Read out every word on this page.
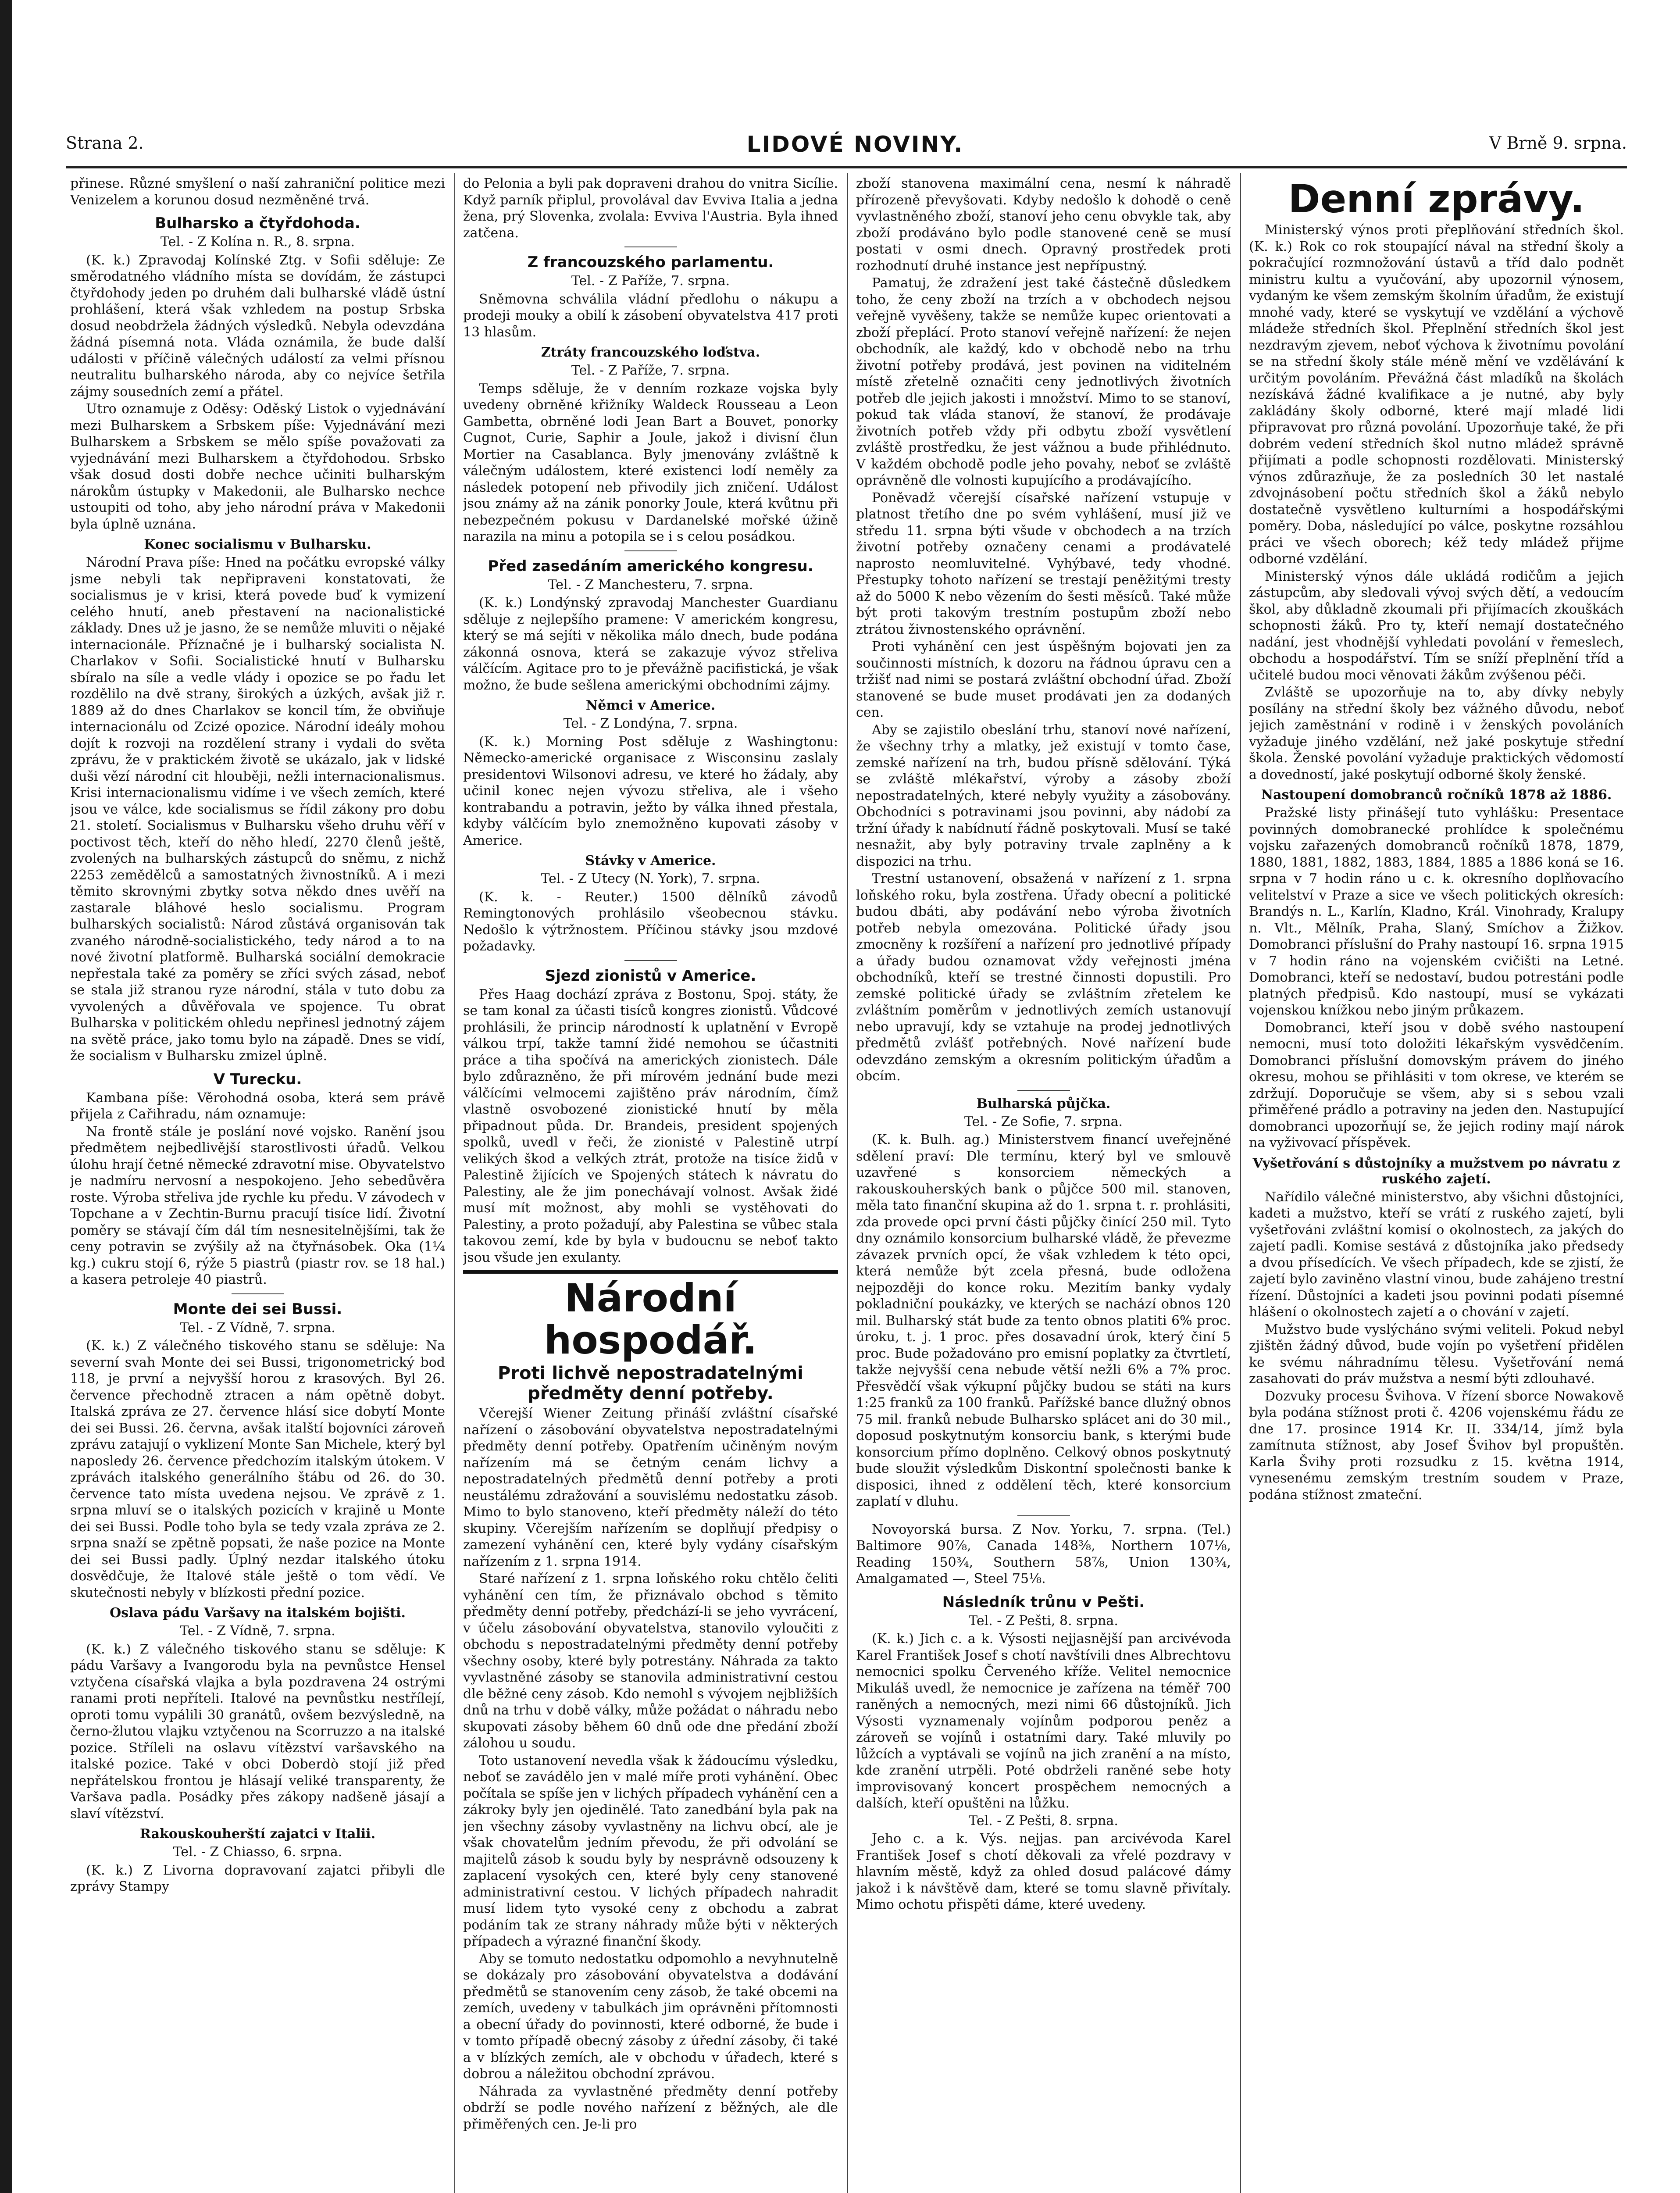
Strana 2.	LIDOVÉ NOVINY.	V Brně 9. srpna.

přinese. Různé smyšlení o naší zahraniční politice mezi Venizelem a korunou dosud nezměněné trvá.

Bulharsko a čtyřdohoda.

Tel. - Z Kolína n. R., 8. srpna.

(K. k.) Zpravodaj Kolínské Ztg. v Sofii sděluje: Ze směrodatného vládního místa se dovídám, že zástupci čtyřdohody jeden po druhém dali bulharské vládě ústní prohlášení, která však vzhledem na postup Srbska dosud neobdržela žádných výsledků. Nebyla odevzdána žádná písemná nota. Vláda oznámila, že bude další události v příčině válečných událostí za velmi přísnou neutralitu bulharského národa, aby co nejvíce šetřila zájmy sousedních zemí a přátel.

Utro oznamuje z Oděsy: Oděský Listok o vyjednávání mezi Bulharskem a Srbskem píše: Vyjednávání mezi Bulharskem a Srbskem se mělo spíše považovati za vyjednávání mezi Bulharskem a čtyřdohodou. Srbsko však dosud dosti dobře nechce učiniti bulharským nárokům ústupky v Makedonii, ale Bulharsko nechce ustoupiti od toho, aby jeho národní práva v Makedonii byla úplně uznána.

Konec socialismu v Bulharsku.

Národní Prava píše: Hned na počátku evropské války jsme nebyli tak nepřipraveni konstatovati, že socialismus je v krisi, která povede buď k vymizení celého hnutí, aneb přestavení na nacionalistické základy. Dnes už je jasno, že se nemůže mluviti o nějaké internacionále. Příznačné je i bulharský socialista N. Charlakov v Sofii. Socialistické hnutí v Bulharsku sbíralo na síle a vedle vlády i opozice se po řadu let rozdělilo na dvě strany, širokých a úzkých, avšak již r. 1889 až do dnes Charlakov se koncil tím, že obviňuje internacionálu od Zcizé opozice. Národní ideály mohou dojít k rozvoji na rozdělení strany i vydali do světa zprávu, že v praktickém životě se ukázalo, jak v lidské duši vězí národní cit hlouběji, nežli internacionalismus. Krisi internacionalismu vidíme i ve všech zemích, které jsou ve válce, kde socialismus se řídil zákony pro dobu 21. století. Socialismus v Bulharsku všeho druhu věří v poctivost těch, kteří do něho hledí, 2270 členů ještě, zvolených na bulharských zástupců do sněmu, z nichž 2253 zemědělců a samostatných živnostníků. A i mezi těmito skrovnými zbytky sotva někdo dnes uvěří na zastarale bláhové heslo socialismu. Program bulharských socialistů: Národ zůstává organisován tak zvaného národně-socialistického, tedy národ a to na nové životní platformě. Bulharská sociální demokracie nepřestala také za poměry se zříci svých zásad, neboť se stala již stranou ryze národní, stála v tuto dobu za vyvolených a důvěřovala ve spojence. Tu obrat Bulharska v politickém ohledu nepřinesl jednotný zájem na světě práce, jako tomu bylo na západě. Dnes se vidí, že socialism v Bulharsku zmizel úplně.

V Turecku.

Kambana píše: Věrohodná osoba, která sem právě přijela z Cařihradu, nám oznamuje:

Na frontě stále je poslání nové vojsko. Ranění jsou předmětem nejbedlivější starostlivosti úřadů. Velkou úlohu hrají četné německé zdravotní mise. Obyvatelstvo je nadmíru nervosní a nespokojeno. Jeho sebedůvěra roste. Výroba střeliva jde rychle ku předu. V závodech v Topchane a v Zechtin-Burnu pracují tisíce lidí. Životní poměry se stávají čím dál tím nesnesitelnějšími, tak že ceny potravin se zvýšily až na čtyřnásobek. Oka (1¼ kg.) cukru stojí 6, rýže 5 piastrů (piastr rov. se 18 hal.) a kasera petroleje 40 piastrů.

Monte dei sei Bussi.

Tel. - Z Vídně, 7. srpna.

(K. k.) Z válečného tiskového stanu se sděluje: Na severní svah Monte dei sei Bussi, trigonometrický bod 118, je první a nejvyšší horou z krasových. Byl 26. července přechodně ztracen a nám opětně dobyt. Italská zpráva ze 27. července hlásí sice dobytí Monte dei sei Bussi. 26. června, avšak italští bojovníci zároveň zprávu zatajují o vyklizení Monte San Michele, který byl naposledy 26. července předchozím italským útokem. V zprávách italského generálního štábu od 26. do 30. července tato místa uvedena nejsou. Ve zprávě z 1. srpna mluví se o italských pozicích v krajině u Monte dei sei Bussi. Podle toho byla se tedy vzala zpráva ze 2. srpna snaží se zpětně popsati, že naše pozice na Monte dei sei Bussi padly. Úplný nezdar italského útoku dosvědčuje, že Italové stále ještě o tom vědí. Ve skutečnosti nebyly v blízkosti přední pozice.

Oslava pádu Varšavy na italském bojišti.

Tel. - Z Vídně, 7. srpna.

(K. k.) Z válečného tiskového stanu se sděluje: K pádu Varšavy a Ivangorodu byla na pevnůstce Hensel vztyčena císařská vlajka a byla pozdravena 24 ostrými ranami proti nepříteli. Italové na pevnůstku nestřílejí, oproti tomu vypálili 30 granátů, ovšem bezvýsledně, na černo-žlutou vlajku vztyčenou na Scorruzzo a na italské pozice. Stříleli na oslavu vítězství varšavského na italské pozice. Také v obci Doberdò stojí již před nepřátelskou frontou je hlásají veliké transparenty, že Varšava padla. Posádky přes zákopy nadšeně jásají a slaví vítězství.

Rakouskouherští zajatci v Italii.

Tel. - Z Chiasso, 6. srpna.

(K. k.) Z Livorna dopravovaní zajatci přibyli dle zprávy Stampy

do Pelonia a byli pak dopraveni drahou do vnitra Sicílie. Když parník připlul, provolával dav Evviva Italia a jedna žena, prý Slovenka, zvolala: Evviva l'Austria. Byla ihned zatčena.

Z francouzského parlamentu.

Tel. - Z Paříže, 7. srpna.

Sněmovna schválila vládní předlohu o nákupu a prodeji mouky a obilí k zásobení obyvatelstva 417 proti 13 hlasům.

Ztráty francouzského loďstva.

Tel. - Z Paříže, 7. srpna.

Temps sděluje, že v denním rozkaze vojska byly uvedeny obrněné křižníky Waldeck Rousseau a Leon Gambetta, obrněné lodi Jean Bart a Bouvet, ponorky Cugnot, Curie, Saphir a Joule, jakož i divisní člun Mortier na Casablanca. Byly jmenovány zvláštně k válečným událostem, které existenci lodí neměly za následek potopení neb přivodily jich zničení. Událost jsou známy až na zánik ponorky Joule, která kvůtnu při nebezpečném pokusu v Dardanelské mořské úžině narazila na minu a potopila se i s celou posádkou.

Před zasedáním amerického kongresu.

Tel. - Z Manchesteru, 7. srpna.

(K. k.) Londýnský zpravodaj Manchester Guardianu sděluje z nejlepšího pramene: V americkém kongresu, který se má sejíti v několika málo dnech, bude podána zákonná osnova, která se zakazuje vývoz střeliva válčícím. Agitace pro to je převážně pacifistická, je však možno, že bude sešlena americkými obchodními zájmy.

Němci v Americe.

Tel. - Z Londýna, 7. srpna.

(K. k.) Morning Post sděluje z Washingtonu: Německo-americké organisace z Wisconsinu zaslaly presidentovi Wilsonovi adresu, ve které ho žádaly, aby učinil konec nejen vývozu střeliva, ale i všeho kontrabandu a potravin, ježto by válka ihned přestala, kdyby válčícím bylo znemožněno kupovati zásoby v Americe.

Stávky v Americe.

Tel. - Z Utecy (N. York), 7. srpna.

(K. k. - Reuter.) 1500 dělníků závodů Remingtonových prohlásilo všeobecnou stávku. Nedošlo k výtržnostem. Příčinou stávky jsou mzdové požadavky.

Sjezd zionistů v Americe.

Přes Haag dochází zpráva z Bostonu, Spoj. státy, že se tam konal za účasti tisíců kongres zionistů. Vůdcové prohlásili, že princip národností k uplatnění v Evropě válkou trpí, takže tamní židé nemohou se účastniti práce a tiha spočívá na amerických zionistech. Dále bylo zdůrazněno, že při mírovém jednání bude mezi válčícími velmocemi zajištěno práv národním, čímž vlastně osvobozené zionistické hnutí by měla připadnout půda. Dr. Brandeis, president spojených spolků, uvedl v řeči, že zionisté v Palestině utrpí velikých škod a velkých ztrát, protože na tisíce židů v Palestině žijících ve Spojených státech k návratu do Palestiny, ale že jim ponechávají volnost. Avšak židé musí mít možnost, aby mohli se vystěhovati do Palestiny, a proto požadují, aby Palestina se vůbec stala takovou zemí, kde by byla v budoucnu se neboť takto jsou všude jen exulanty.

Národní hospodář.
Proti lichvě nepostradatelnými předměty denní potřeby.

Včerejší Wiener Zeitung přináší zvláštní císařské nařízení o zásobování obyvatelstva nepostradatelnými předměty denní potřeby. Opatřením učiněným novým nařízením má se četným cenám lichvy a nepostradatelných předmětů denní potřeby a proti neustálému zdražování a souvislému nedostatku zásob. Mimo to bylo stanoveno, kteří předměty náleží do této skupiny. Včerejším nařízením se doplňují předpisy o zamezení vyhánění cen, které byly vydány císařským nařízením z 1. srpna 1914.

Staré nařízení z 1. srpna loňského roku chtělo čeliti vyhánění cen tím, že přiznávalo obchod s těmito předměty denní potřeby, předchází-li se jeho vyvrácení, v účelu zásobování obyvatelstva, stanovilo vyloučiti z obchodu s nepostradatelnými předměty denní potřeby všechny osoby, které byly potrestány. Náhrada za takto vyvlastněné zásoby se stanovila administrativní cestou dle běžné ceny zásob. Kdo nemohl s vývojem nejbližších dnů na trhu v době války, může požádat o náhradu nebo skupovati zásoby během 60 dnů ode dne předání zboží zálohou u soudu.

Toto ustanovení nevedla však k žádoucímu výsledku, neboť se zavádělo jen v malé míře proti vyhánění. Obec počítala se spíše jen v lichých případech vyhánění cen a zákroky byly jen ojedinělé. Tato zanedbání byla pak na jen všechny zásoby vyvlastněny na lichvu obcí, ale je však chovatelům jedním převodu, že při odvolání se majitelů zásob k soudu byly by nesprávně odsouzeny k zaplacení vysokých cen, které byly ceny stanovené administrativní cestou. V lichých případech nahradit musí lidem tyto vysoké ceny z obchodu a zabrat podáním tak ze strany náhrady může býti v některých případech a výrazné finanční škody.

Aby se tomuto nedostatku odpomohlo a nevyhnutelně se dokázaly pro zásobování obyvatelstva a dodávání předmětů se stanovením ceny zásob, že také obcemi na zemích, uvedeny v tabulkách jim oprávněni přítomnosti a obecní úřady do povinnosti, které odborné, že bude i v tomto případě obecný zásoby z úřední zásoby, či také a v blízkých zemích, ale v obchodu v úřadech, které s dobrou a náležitou obchodní zprávou.

Náhrada za vyvlastněné předměty denní potřeby obdrží se podle nového nařízení z běžných, ale dle přiměřených cen. Je-li pro

zboží stanovena maximální cena, nesmí k náhradě přírozeně převyšovati. Kdyby nedošlo k dohodě o ceně vyvlastněného zboží, stanoví jeho cenu obvykle tak, aby zboží prodáváno bylo podle stanovené ceně se musí postati v osmi dnech. Opravný prostředek proti rozhodnutí druhé instance jest nepřípustný.

Pamatuj, že zdražení jest také částečně důsledkem toho, že ceny zboží na trzích a v obchodech nejsou veřejně vyvěšeny, takže se nemůže kupec orientovati a zboží přeplácí. Proto stanoví veřejně nařízení: že nejen obchodník, ale každý, kdo v obchodě nebo na trhu životní potřeby prodává, jest povinen na viditelném místě zřetelně označiti ceny jednotlivých životních potřeb dle jejich jakosti i množství. Mimo to se stanoví, pokud tak vláda stanoví, že stanoví, že prodávaje životních potřeb vždy při odbytu zboží vysvětlení zvláště prostředku, že jest vážnou a bude přihlédnuto. V každém obchodě podle jeho povahy, neboť se zvláště oprávněně dle volnosti kupujícího a prodávajícího.

Poněvadž včerejší císařské nařízení vstupuje v platnost třetího dne po svém vyhlášení, musí již ve středu 11. srpna býti všude v obchodech a na trzích životní potřeby označeny cenami a prodávatelé naprosto neomluvitelné. Vyhýbavé, tedy vhodné. Přestupky tohoto nařízení se trestají peněžitými tresty až do 5000 K nebo vězením do šesti měsíců. Také může být proti takovým trestním postupům zboží nebo ztrátou živnostenského oprávnění.

Proti vyhánění cen jest úspěšným bojovati jen za součinnosti místních, k dozoru na řádnou úpravu cen a tržišť nad nimi se postará zvláštní obchodní úřad. Zboží stanovené se bude muset prodávati jen za dodaných cen.

Aby se zajistilo obeslání trhu, stanoví nové nařízení, že všechny trhy a mlatky, jež existují v tomto čase, zemské nařízení na trh, budou přísně sdělování. Týká se zvláště mlékařství, výroby a zásoby zboží nepostradatelných, které nebyly využity a zásobovány. Obchodníci s potravinami jsou povinni, aby nádobí za tržní úřady k nabídnutí řádně poskytovali. Musí se také nesnažit, aby byly potraviny trvale zaplněny a k dispozici na trhu.

Trestní ustanovení, obsažená v nařízení z 1. srpna loňského roku, byla zostřena. Úřady obecní a politické budou dbáti, aby podávání nebo výroba životních potřeb nebyla omezována. Politické úřady jsou zmocněny k rozšíření a nařízení pro jednotlivé případy a úřady budou oznamovat vždy veřejnosti jména obchodníků, kteří se trestné činnosti dopustili. Pro zemské politické úřady se zvláštním zřetelem ke zvláštním poměrům v jednotlivých zemích ustanovují nebo upravují, kdy se vztahuje na prodej jednotlivých předmětů zvlášť potřebných. Nové nařízení bude odevzdáno zemským a okresním politickým úřadům a obcím.

Bulharská půjčka.

Tel. - Ze Sofie, 7. srpna.

(K. k. Bulh. ag.) Ministerstvem financí uveřejněné sdělení praví: Dle termínu, který byl ve smlouvě uzavřené s konsorciem německých a rakouskouherských bank o půjčce 500 mil. stanoven, měla tato finanční skupina až do 1. srpna t. r. prohlásiti, zda provede opci první části půjčky činící 250 mil. Tyto dny oznámilo konsorcium bulharské vládě, že převezme závazek prvních opcí, že však vzhledem k této opci, která nemůže být zcela přesná, bude odložena nejpozději do konce roku. Mezitím banky vydaly pokladniční poukázky, ve kterých se nachází obnos 120 mil. Bulharský stát bude za tento obnos platiti 6% proc. úroku, t. j. 1 proc. přes dosavadní úrok, který činí 5 proc. Bude požadováno pro emisní poplatky za čtvrtletí, takže nejvyšší cena nebude větší nežli 6% a 7% proc. Přesvědčí však výkupní půjčky budou se státi na kurs 1:25 franků za 100 franků. Pařížské bance dlužný obnos 75 mil. franků nebude Bulharsko splácet ani do 30 mil., doposud poskytnutým konsorciu bank, s kterými bude konsorcium přímo doplněno. Celkový obnos poskytnutý bude sloužit výsledkům Diskontní společnosti banke k disposici, ihned z oddělení těch, které konsorcium zaplatí v dluhu.

Novoyorská bursa. Z Nov. Yorku, 7. srpna. (Tel.) Baltimore 90⅞, Canada 148⅜, Northern 107⅛, Reading 150¾, Southern 58⅞, Union 130¾, Amalgamated —, Steel 75⅛.

Následník trůnu v Pešti.

Tel. - Z Pešti, 8. srpna.

(K. k.) Jich c. a k. Výsosti nejjasnější pan arcivévoda Karel František Josef s chotí navštívili dnes Albrechtovu nemocnici spolku Červeného kříže. Velitel nemocnice Mikuláš uvedl, že nemocnice je zařízena na téměř 700 raněných a nemocných, mezi nimi 66 důstojníků. Jich Výsosti vyznamenaly vojínům podporou peněz a zároveň se vojínů i ostatními dary. Také mluvily po lůžcích a vyptávali se vojínů na jich zranění a na místo, kde zranění utrpěli. Poté obdrželi raněné sebe hoty improvisovaný koncert prospěchem nemocných a dalších, kteří opuštěni na lůžku.

Tel. - Z Pešti, 8. srpna.

Jeho c. a k. Výs. nejjas. pan arcivévoda Karel František Josef s chotí děkovali za vřelé pozdravy v hlavním městě, když za ohled dosud palácové dámy jakož i k návštěvě dam, které se tomu slavně přivítaly. Mimo ochotu přispěti dáme, které uvedeny.

Denní zprávy.

Ministerský výnos proti přeplňování středních škol. (K. k.) Rok co rok stoupající nával na střední školy a pokračující rozmnožování ústavů a tříd dalo podnět ministru kultu a vyučování, aby upozornil výnosem, vydaným ke všem zemským školním úřadům, že existují mnohé vady, které se vyskytují ve vzdělání a výchově mládeže středních škol. Přeplnění středních škol jest nezdravým zjevem, neboť výchova k životnímu povolání se na střední školy stále méně mění ve vzdělávání k určitým povoláním. Převážná část mladíků na školách nezískává žádné kvalifikace a je nutné, aby byly zakládány školy odborné, které mají mladé lidi připravovat pro různá povolání. Upozorňuje také, že při dobrém vedení středních škol nutno mládež správně přijímati a podle schopnosti rozdělovati. Ministerský výnos zdůrazňuje, že za posledních 30 let nastalé zdvojnásobení počtu středních škol a žáků nebylo dostatečně vysvětleno kulturními a hospodářskými poměry. Doba, následující po válce, poskytne rozsáhlou práci ve všech oborech; kéž tedy mládež přijme odborné vzdělání.

Ministerský výnos dále ukládá rodičům a jejich zástupcům, aby sledovali vývoj svých dětí, a vedoucím škol, aby důkladně zkoumali při přijímacích zkouškách schopnosti žáků. Pro ty, kteří nemají dostatečného nadání, jest vhodnější vyhledati povolání v řemeslech, obchodu a hospodářství. Tím se sníží přeplnění tříd a učitelé budou moci věnovati žákům zvýšenou péči.

Zvláště se upozorňuje na to, aby dívky nebyly posílány na střední školy bez vážného důvodu, neboť jejich zaměstnání v rodině i v ženských povoláních vyžaduje jiného vzdělání, než jaké poskytuje střední škola. Ženské povolání vyžaduje praktických vědomostí a dovedností, jaké poskytují odborné školy ženské.

Nastoupení domobranců ročníků 1878 až 1886.

Pražské listy přinášejí tuto vyhlášku: Presentace povinných domobranecké prohlídce k společnému vojsku zařazených domobranců ročníků 1878, 1879, 1880, 1881, 1882, 1883, 1884, 1885 a 1886 koná se 16. srpna v 7 hodin ráno u c. k. okresního doplňovacího velitelství v Praze a sice ve všech politických okresích: Brandýs n. L., Karlín, Kladno, Král. Vinohrady, Kralupy n. Vlt., Mělník, Praha, Slaný, Smíchov a Žižkov. Domobranci příslušní do Prahy nastoupí 16. srpna 1915 v 7 hodin ráno na vojenském cvičišti na Letné. Domobranci, kteří se nedostaví, budou potrestáni podle platných předpisů. Kdo nastoupí, musí se vykázati vojenskou knížkou nebo jiným průkazem.

Domobranci, kteří jsou v době svého nastoupení nemocni, musí toto doložiti lékařským vysvědčením. Domobranci příslušní domovským právem do jiného okresu, mohou se přihlásiti v tom okrese, ve kterém se zdržují. Doporučuje se všem, aby si s sebou vzali přiměřené prádlo a potraviny na jeden den. Nastupující domobranci upozorňují se, že jejich rodiny mají nárok na vyživovací příspěvek.

Vyšetřování s důstojníky a mužstvem po návratu z ruského zajetí.

Nařídilo válečné ministerstvo, aby všichni důstojníci, kadeti a mužstvo, kteří se vrátí z ruského zajetí, byli vyšetřováni zvláštní komisí o okolnostech, za jakých do zajetí padli. Komise sestává z důstojníka jako předsedy a dvou přísedících. Ve všech případech, kde se zjistí, že zajetí bylo zaviněno vlastní vinou, bude zahájeno trestní řízení. Důstojníci a kadeti jsou povinni podati písemné hlášení o okolnostech zajetí a o chování v zajetí.

Mužstvo bude vyslýcháno svými veliteli. Pokud nebyl zjištěn žádný důvod, bude vojín po vyšetření přidělen ke svému náhradnímu tělesu. Vyšetřování nemá zasahovati do práv mužstva a nesmí býti zdlouhavé.

Dozvuky procesu Švihova. V řízení sborce Nowakově byla podána stížnost proti č. 4206 vojenskému řádu ze dne 17. prosince 1914 Kr. II. 334/14, jímž byla zamítnuta stížnost, aby Josef Švihov byl propuštěn. Karla Švihy proti rozsudku z 15. května 1914, vynesenému zemským trestním soudem v Praze, podána stížnost zmateční.
